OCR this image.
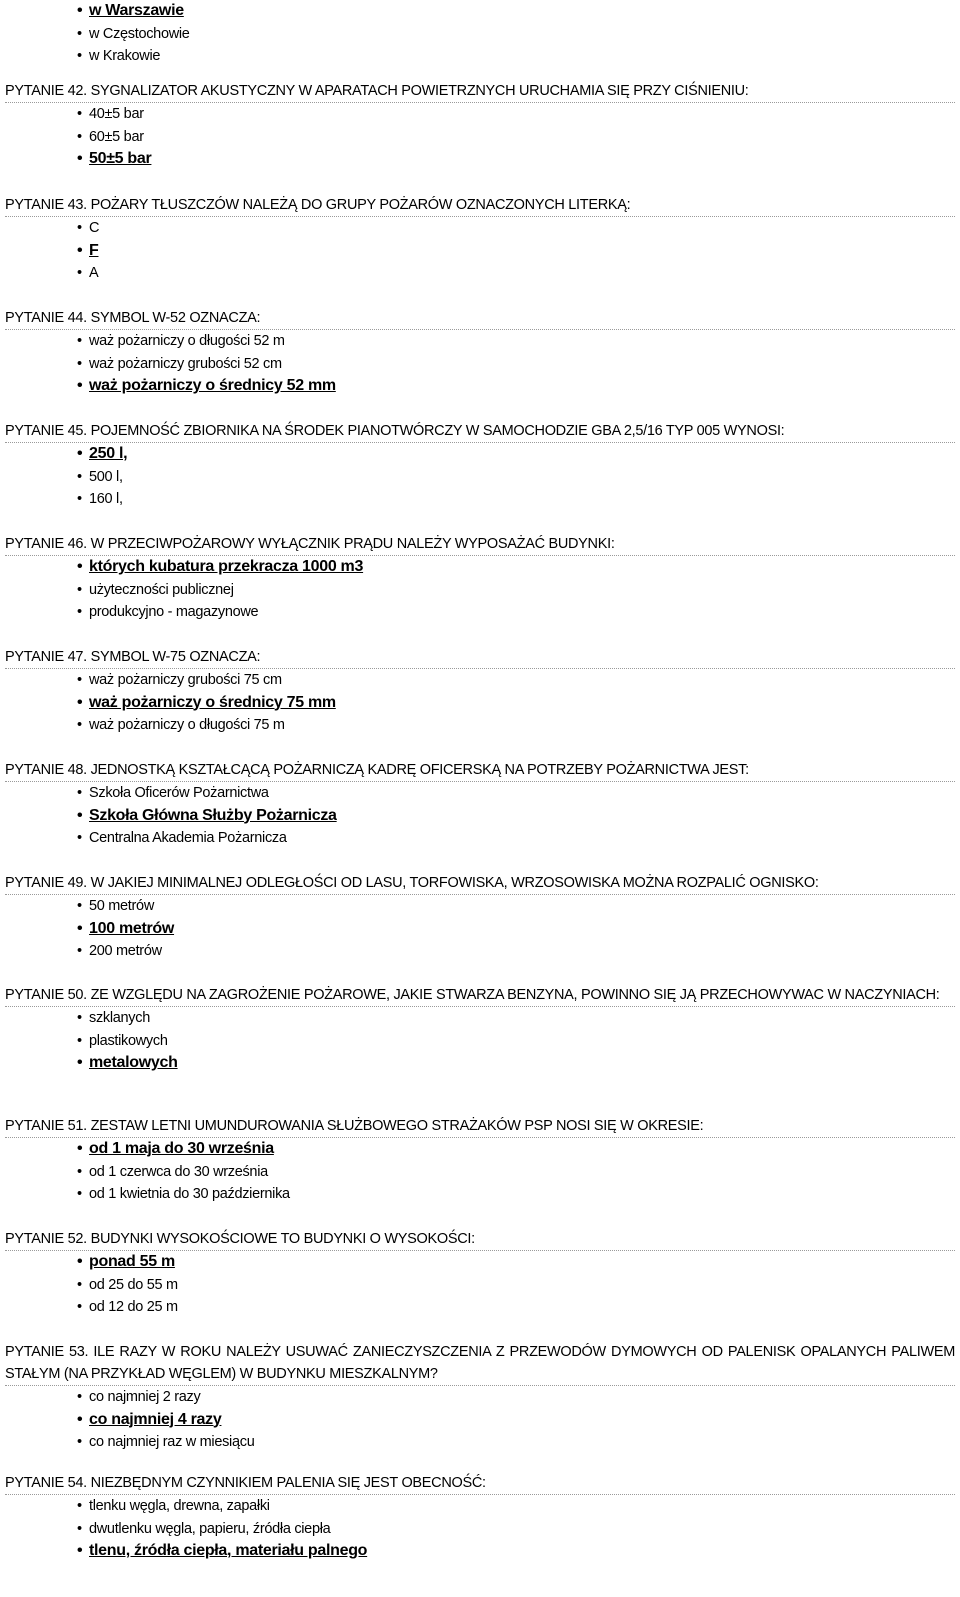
• w Warszawie
• w Częstochowie
• w Krakowie
PYTANIE 42. SYGNALIZATOR AKUSTYCZNY W APARATACH POWIETRZNYCH URUCHAMIA SIĘ PRZY CIŚNIENIU:
• 40±5 bar
• 60±5 bar
• 50±5 bar
PYTANIE 43. POŻARY TŁUSZCZÓW NALEŻĄ DO GRUPY POŻARÓW OZNACZONYCH LITERKĄ:
• C
• F
• A
PYTANIE 44. SYMBOL W-52 OZNACZA:
• waż pożarniczy o długości 52 m
• waż pożarniczy grubości 52 cm
• waż pożarniczy o średnicy 52 mm
PYTANIE 45. POJEMNOŚĆ ZBIORNIKA NA ŚRODEK PIANOTWÓRCZY W SAMOCHODZIE GBA 2,5/16 TYP 005 WYNOSI:
• 250 l,
• 500 l,
• 160 l,
PYTANIE 46. W PRZECIWPOŻAROWY WYŁĄCZNIK PRĄDU NALEŻY WYPOSAŻAĆ BUDYNKI:
• których kubatura przekracza 1000 m3
• użyteczności publicznej
• produkcyjno - magazynowe
PYTANIE 47. SYMBOL W-75 OZNACZA:
• waż pożarniczy grubości 75 cm
• waż pożarniczy o średnicy 75 mm
• waż pożarniczy o długości 75 m
PYTANIE 48. JEDNOSTKĄ KSZTAŁCĄCĄ POŻARNICZĄ KADRĘ OFICERSKĄ NA POTRZEBY POŻARNICTWA JEST:
• Szkoła Oficerów Pożarnictwa
• Szkoła Główna Służby Pożarnicza
• Centralna Akademia Pożarnicza
PYTANIE 49. W JAKIEJ MINIMALNEJ ODLEGŁOŚCI OD LASU, TORFOWISKA, WRZOSOWISKA MOŻNA ROZPALIĆ OGNISKO:
• 50 metrów
• 100 metrów
• 200 metrów
PYTANIE 50. ZE WZGLĘDU NA ZAGROŻENIE POŻAROWE, JAKIE STWARZA BENZYNA, POWINNO SIĘ JĄ PRZECHOWYWAC W NACZYNIACH:
• szklanych
• plastikowych
• metalowych
PYTANIE 51. ZESTAW LETNI UMUNDUROWANIA SŁUŻBOWEGO STRAŻAKÓW PSP NOSI SIĘ W OKRESIE:
• od 1 maja do 30 września
• od 1 czerwca do 30 września
• od 1 kwietnia do 30 października
PYTANIE 52. BUDYNKI WYSOKOŚCIOWE TO BUDYNKI O WYSOKOŚCI:
• ponad 55 m
• od 25 do 55 m
• od 12 do 25 m
PYTANIE 53. ILE RAZY W ROKU NALEŻY USUWAĆ ZANIECZYSZCZENIA Z PRZEWODÓW DYMOWYCH OD PALENISK OPALANYCH PALIWEM STAŁYM (NA PRZYKŁAD WĘGLEM) W BUDYNKU MIESZKALNYM?
• co najmniej 2 razy
• co najmniej 4 razy
• co najmniej raz w miesiącu
PYTANIE 54. NIEZBĘDNYM CZYNNIKIEM PALENIA SIĘ JEST OBECNOŚĆ:
• tlenku węgla, drewna, zapałki
• dwutlenku węgla, papieru, źródła ciepła
• tlenu, źródła ciepła, materiału palnego
